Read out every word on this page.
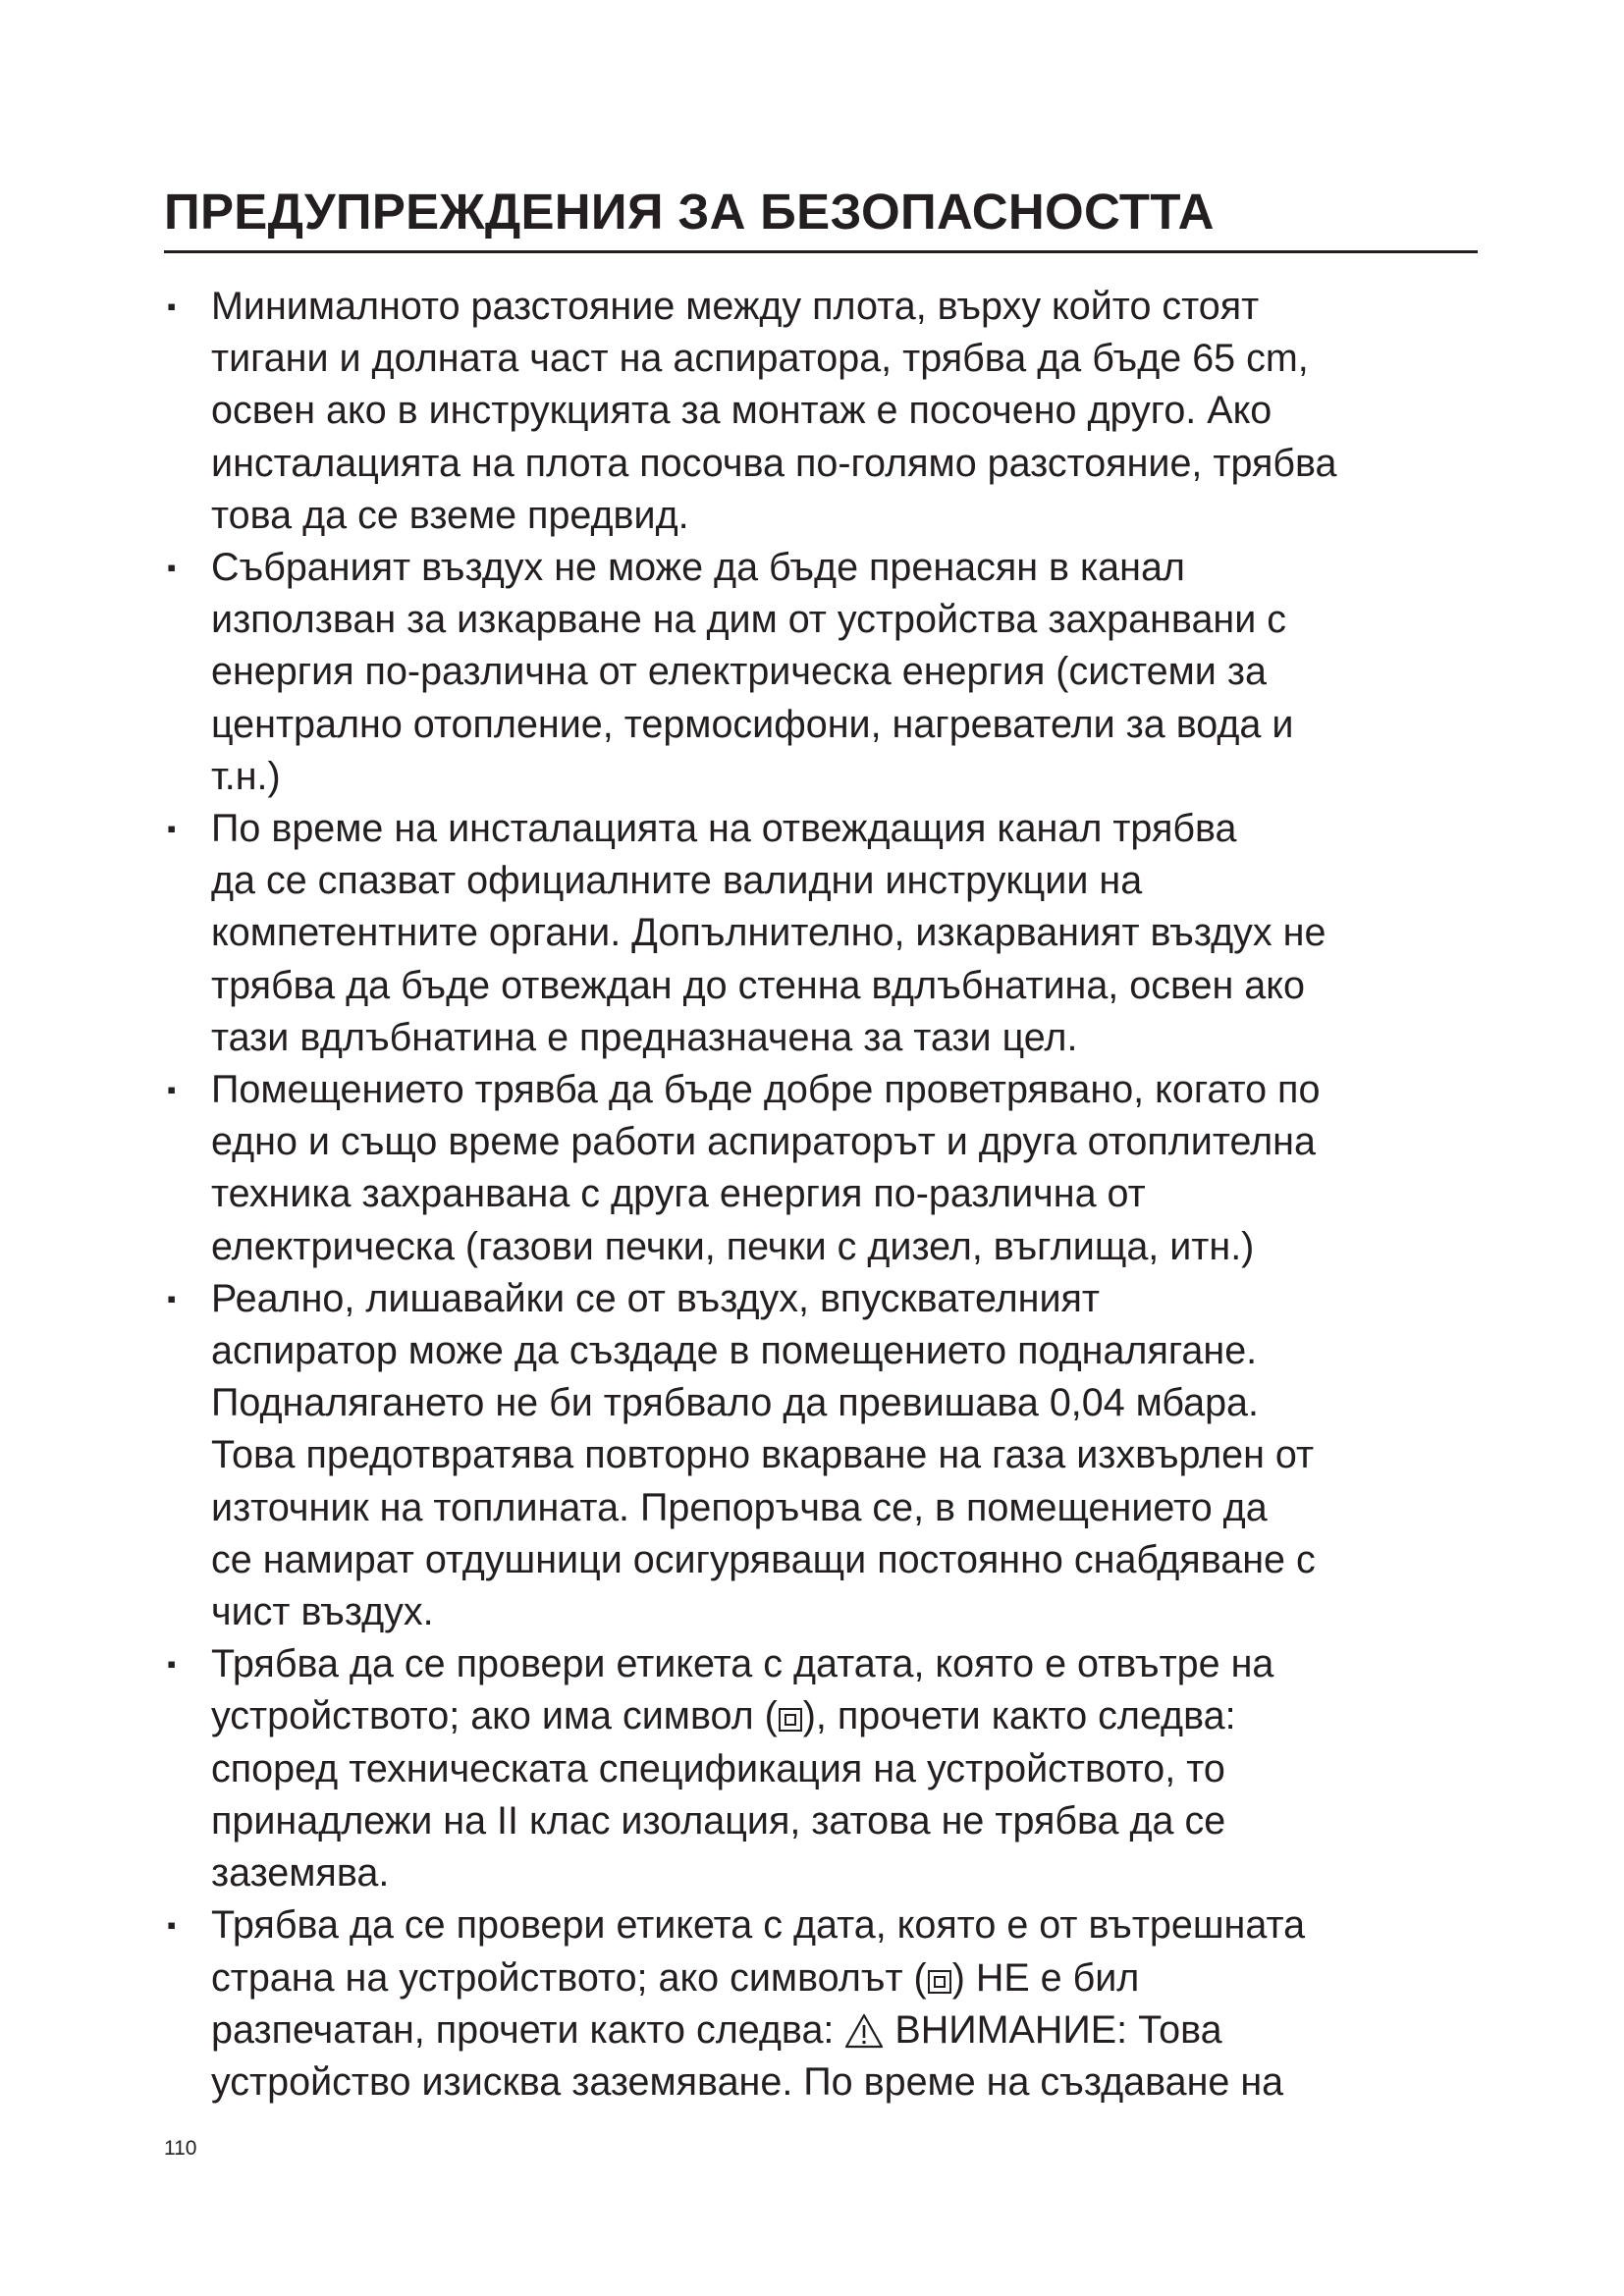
ПРЕДУПРЕЖДЕНИЯ ЗА БЕЗОПАСНОСТТА
▪ Минималното разстояние между плота, върху който стоят
тигани и долната част на аспиратора, трябва да бъде 65 cm,
освен ако в инструкцията за монтаж е посочено друго. Ако
инсталацията на плота посочва по-голямо разстояние, трябва
това да се вземе предвид.
▪ Събраният въздух не може да бъде пренасян в канал
използван за изкарване на дим от устройства захранвани с
енергия по-различна от електрическа енергия (системи за
централно отопление, термосифони, нагреватели за вода и
т.н.)
▪ По време на инсталацията на отвеждащия канал трябва
да се спазват официалните валидни инструкции на
компетентните органи. Допълнително, изкарваният въздух не
трябва да бъде отвеждан до стенна вдлъбнатина, освен ако
тази вдлъбнатина е предназначена за тази цел.
▪ Помещението трявба да бъде добре проветрявано, когато по
едно и също време работи аспираторът и друга отоплителна
техника захранвана с друга енергия по-различна от
електрическа (газови печки, печки с дизел, въглища, итн.)
▪ Реално, лишавайки се от въздух, впусквателният
аспиратор може да създаде в помещението подналягане.
Подналягането не би трябвало да превишава 0,04 мбара.
Това предотвратява повторно вкарване на газа изхвърлен от
източник на топлината. Препоръчва се, в помещението да
се намират отдушници осигуряващи постоянно снабдяване с
чист въздух.
▪ Трябва да се провери етикета с датата, която е отвътре на
устройството; ако има символ ( ), прочети както следва:
според техническата спецификация на устройството, то
принадлежи на II клас изолация, затова не трябва да се
заземява.
▪ Трябва да се провери етикета с дата, която е от вътрешната
страна на устройството; ако символът ( ) НЕ е бил
разпечатан, прочети както следва:  ВНИМАНИЕ: Това
устройство изисква заземяване. По време на създаване на
110
